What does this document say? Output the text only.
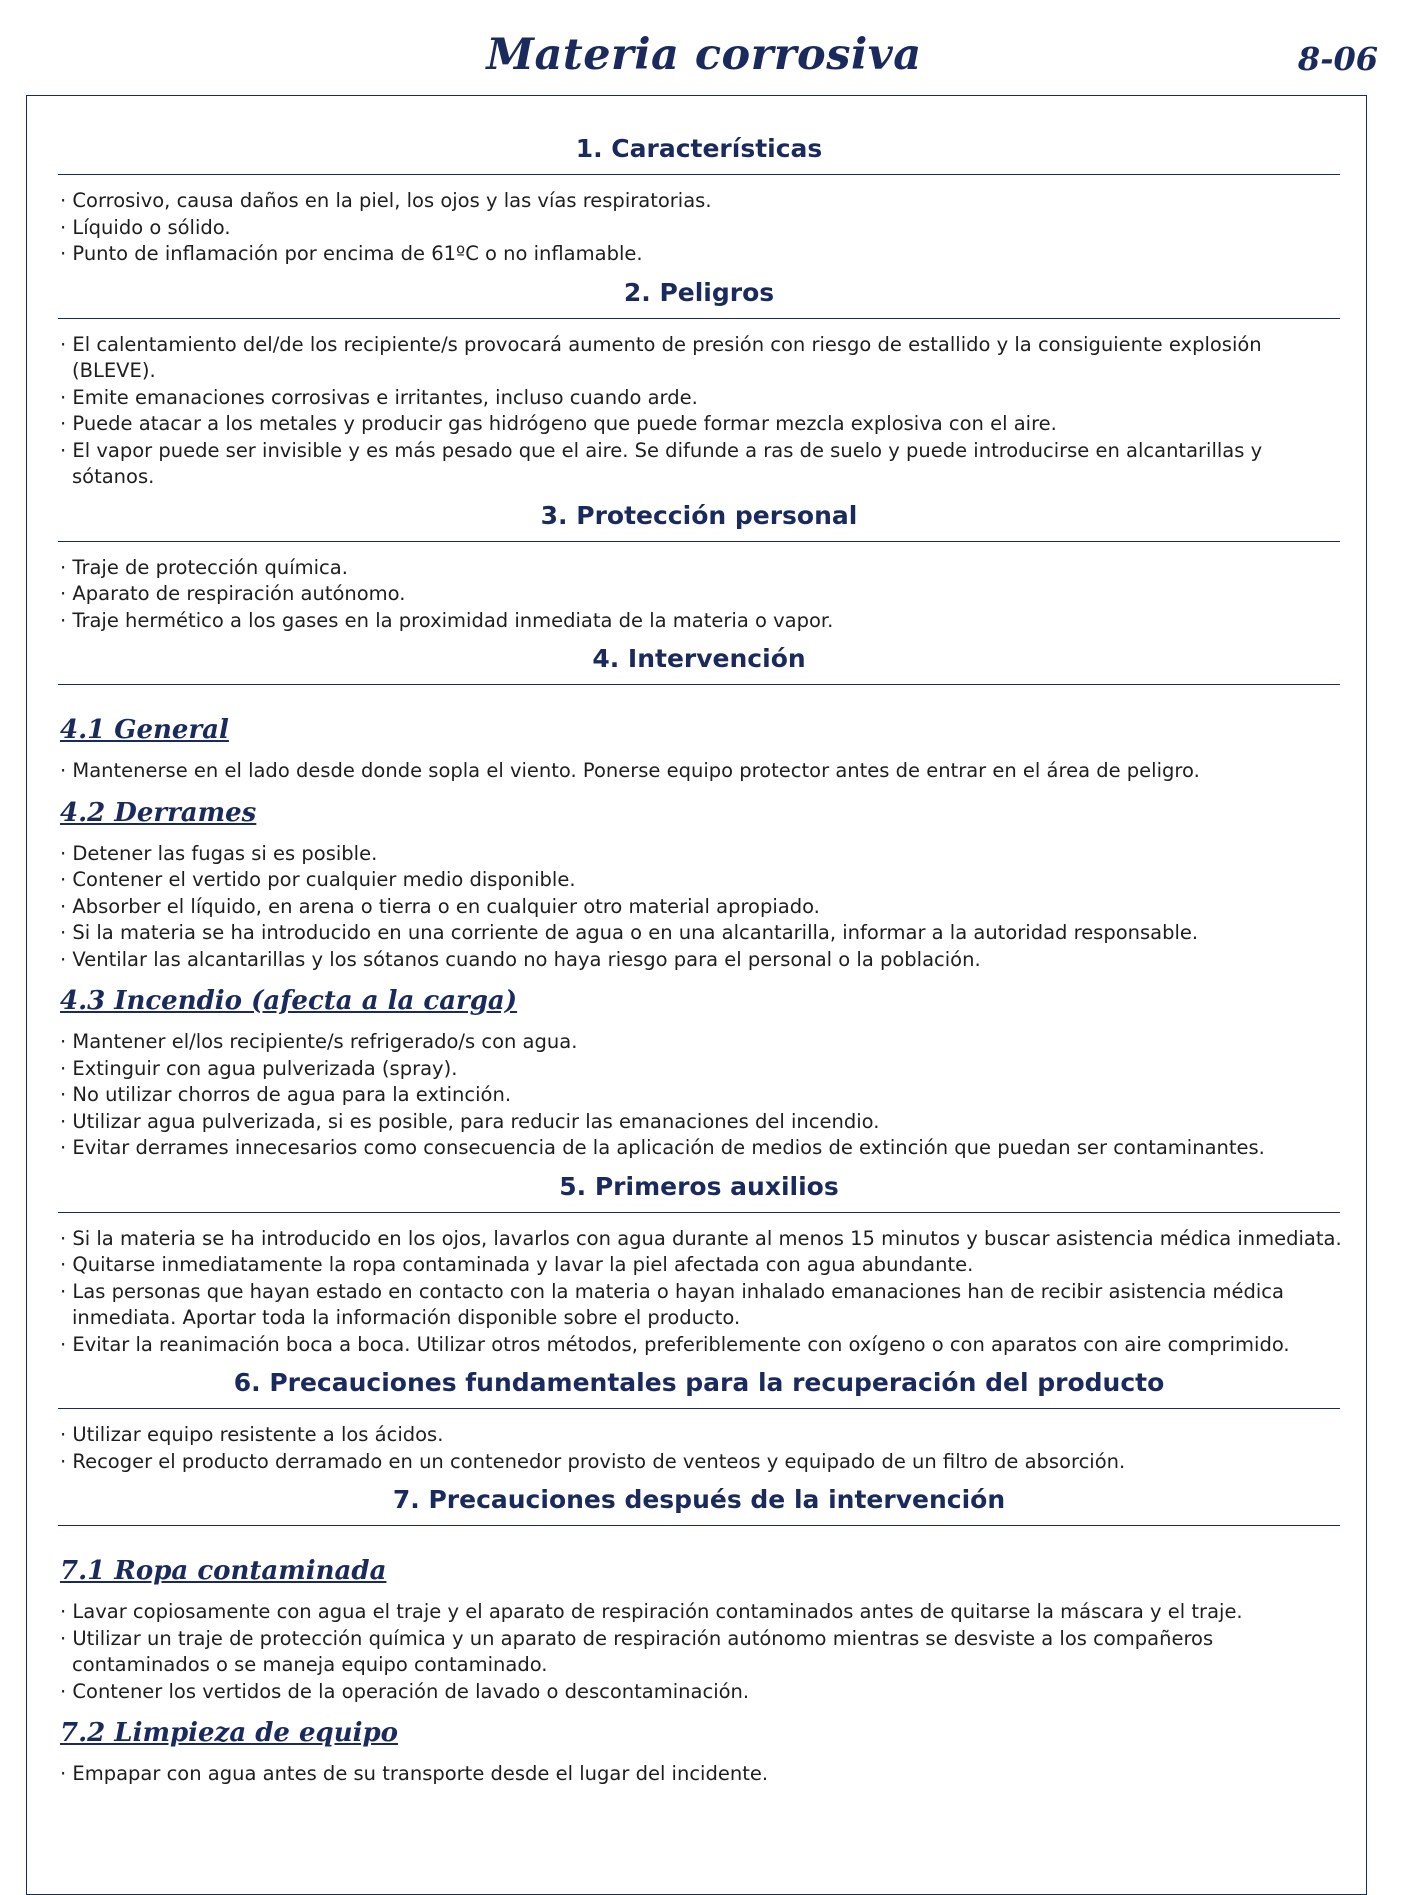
Materia corrosiva	8-06
1. Características
· Corrosivo, causa daños en la piel, los ojos y las vías respiratorias.
· Líquido o sólido.
· Punto de inflamación por encima de 61ºC o no inflamable.
2. Peligros
· El calentamiento del/de los recipiente/s provocará aumento de presión con riesgo de estallido y la consiguiente explosión (BLEVE).
· Emite emanaciones corrosivas e irritantes, incluso cuando arde.
· Puede atacar a los metales y producir gas hidrógeno que puede formar mezcla explosiva con el aire.
· El vapor puede ser invisible y es más pesado que el aire. Se difunde a ras de suelo y puede introducirse en alcantarillas y sótanos.
3. Protección personal
· Traje de protección química.
· Aparato de respiración autónomo.
· Traje hermético a los gases en la proximidad inmediata de la materia o vapor.
4. Intervención
4.1 General
· Mantenerse en el lado desde donde sopla el viento. Ponerse equipo protector antes de entrar en el área de peligro.
4.2 Derrames
· Detener las fugas si es posible.
· Contener el vertido por cualquier medio disponible.
· Absorber el líquido, en arena o tierra o en cualquier otro material apropiado.
· Si la materia se ha introducido en una corriente de agua o en una alcantarilla, informar a la autoridad responsable.
· Ventilar las alcantarillas y los sótanos cuando no haya riesgo para el personal o la población.
4.3 Incendio (afecta a la carga)
· Mantener el/los recipiente/s refrigerado/s con agua.
· Extinguir con agua pulverizada (spray).
· No utilizar chorros de agua para la extinción.
· Utilizar agua pulverizada, si es posible, para reducir las emanaciones del incendio.
· Evitar derrames innecesarios como consecuencia de la aplicación de medios de extinción que puedan ser contaminantes.
5. Primeros auxilios
· Si la materia se ha introducido en los ojos, lavarlos con agua durante al menos 15 minutos y buscar asistencia médica inmediata.
· Quitarse inmediatamente la ropa contaminada y lavar la piel afectada con agua abundante.
· Las personas que hayan estado en contacto con la materia o hayan inhalado emanaciones han de recibir asistencia médica inmediata. Aportar toda la información disponible sobre el producto.
· Evitar la reanimación boca a boca. Utilizar otros métodos, preferiblemente con oxígeno o con aparatos con aire comprimido.
6. Precauciones fundamentales para la recuperación del producto
· Utilizar equipo resistente a los ácidos.
· Recoger el producto derramado en un contenedor provisto de venteos y equipado de un filtro de absorción.
7. Precauciones después de la intervención
7.1 Ropa contaminada
· Lavar copiosamente con agua el traje y el aparato de respiración contaminados antes de quitarse la máscara y el traje.
· Utilizar un traje de protección química y un aparato de respiración autónomo mientras se desviste a los compañeros contaminados o se maneja equipo contaminado.
· Contener los vertidos de la operación de lavado o descontaminación.
7.2 Limpieza de equipo
· Empapar con agua antes de su transporte desde el lugar del incidente.
